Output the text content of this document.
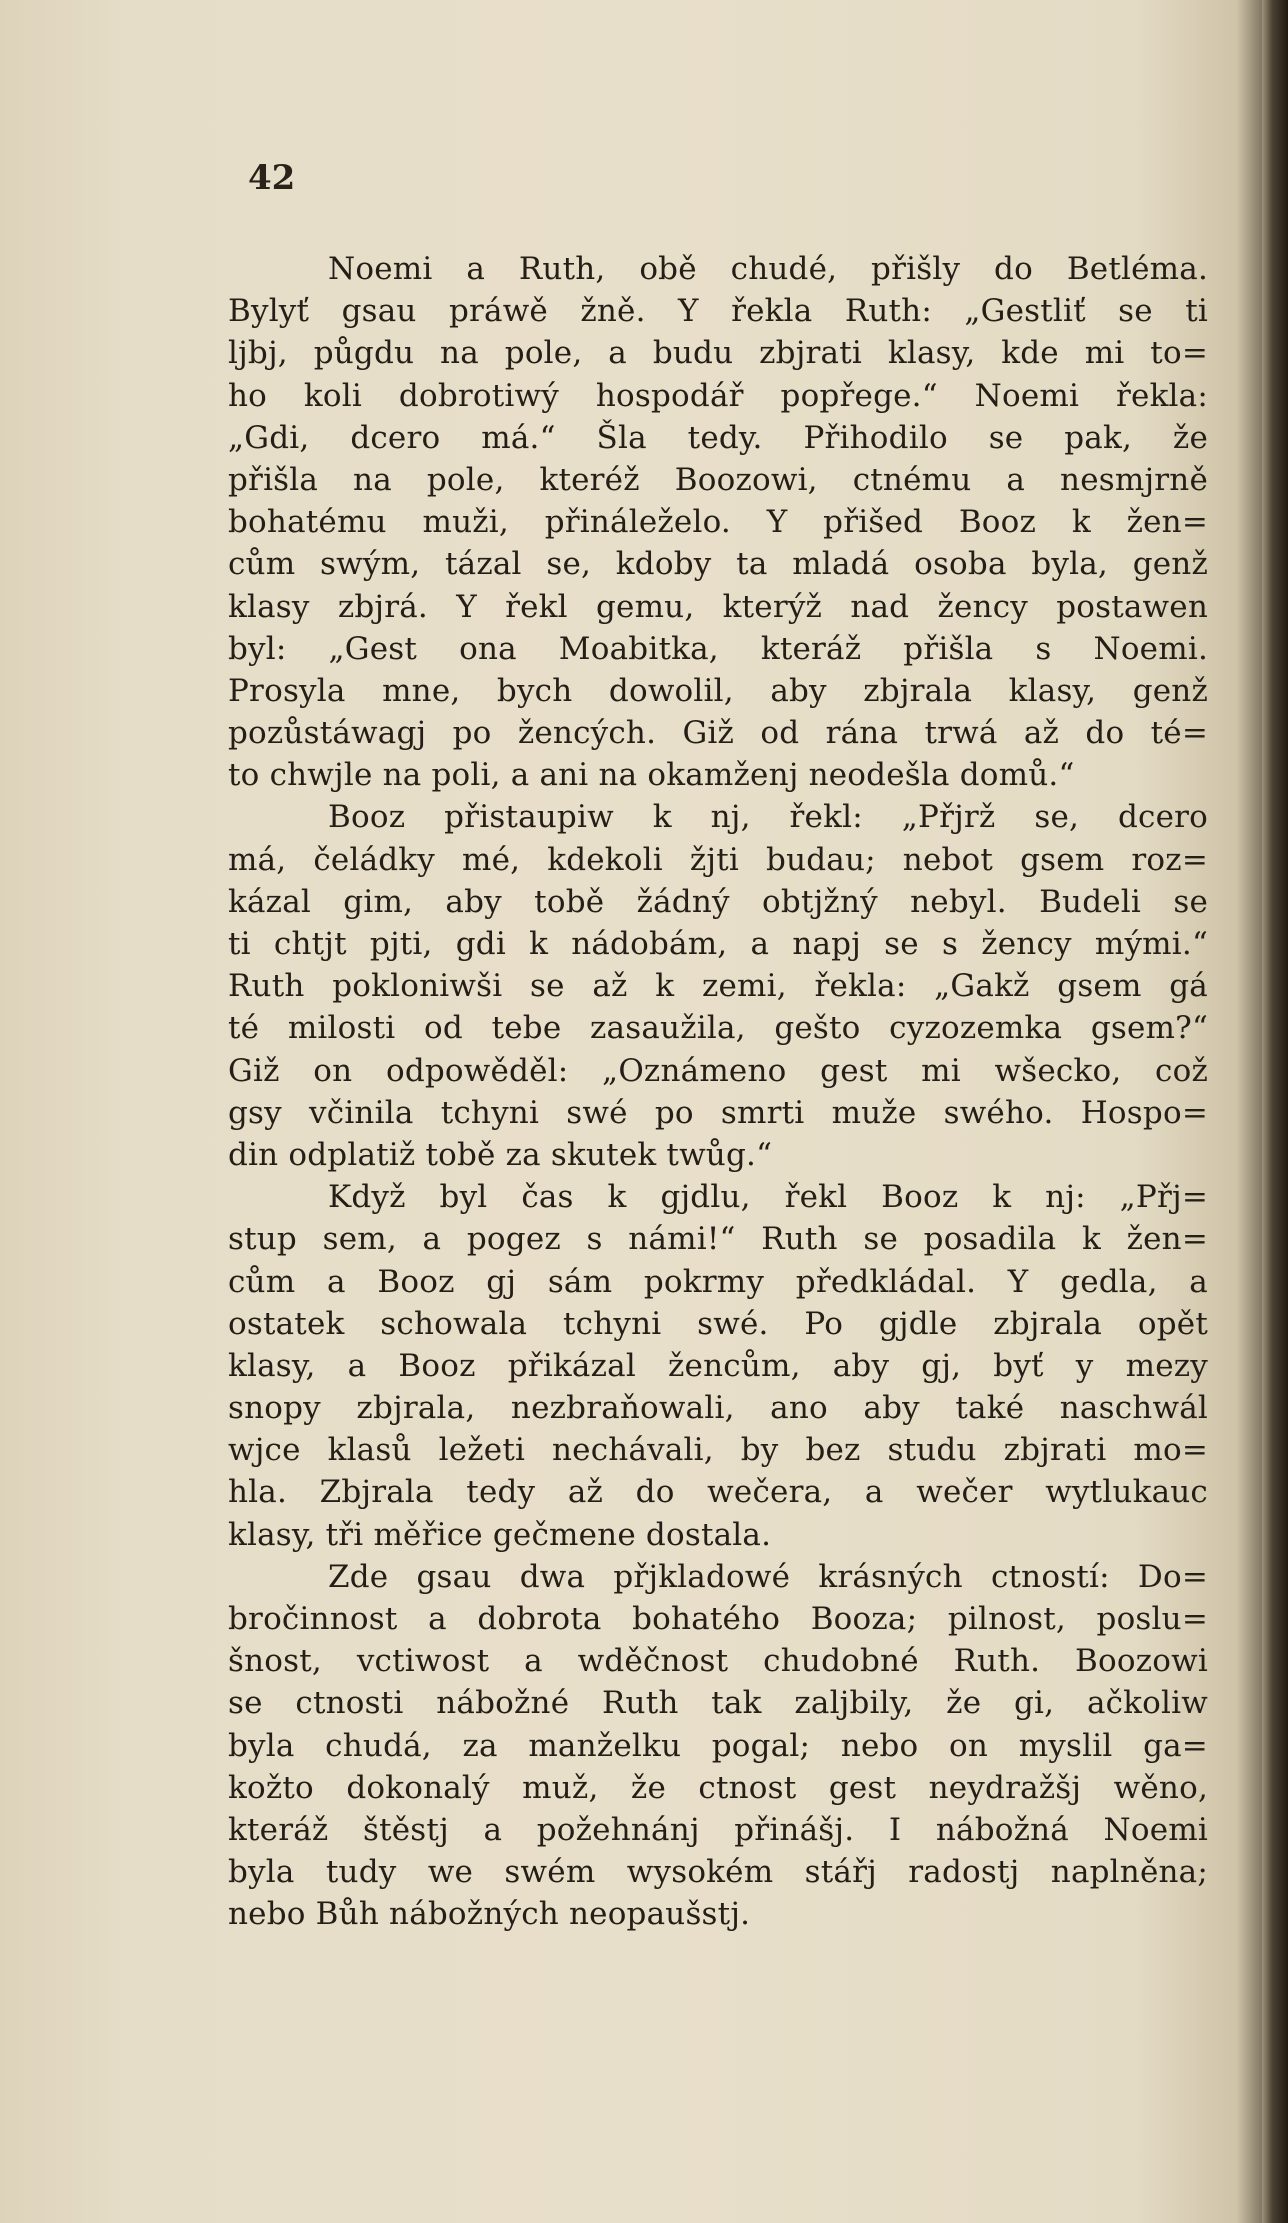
42
Noemi a Ruth, obě chudé, přišly do Betléma.
Bylyť gsau práwě žně. Y řekla Ruth: „Gestliť se ti
ljbj, půgdu na pole, a budu zbjrati klasy, kde mi to=
ho koli dobrotiwý hospodář popřege.“ Noemi řekla:
„Gdi, dcero má.“ Šla tedy. Přihodilo se pak, že
přišla na pole, kteréž Boozowi, ctnému a nesmjrně
bohatému muži, přináleželo. Y přišed Booz k žen=
cům swým, tázal se, kdoby ta mladá osoba byla, genž
klasy zbjrá. Y řekl gemu, kterýž nad žency postawen
byl: „Gest ona Moabitka, kteráž přišla s Noemi.
Prosyla mne, bych dowolil, aby zbjrala klasy, genž
pozůstáwagj po žencých. Giž od rána trwá až do té=
to chwjle na poli, a ani na okamženj neodešla domů.“
Booz přistaupiw k nj, řekl: „Přjrž se, dcero
má, čeládky mé, kdekoli žjti budau; nebot gsem roz=
kázal gim, aby tobě žádný obtjžný nebyl. Budeli se
ti chtjt pjti, gdi k nádobám, a napj se s žency mými.“
Ruth pokloniwši se až k zemi, řekla: „Gakž gsem gá
té milosti od tebe zasaužila, gešto cyzozemka gsem?“
Giž on odpowěděl: „Oznámeno gest mi wšecko, což
gsy včinila tchyni swé po smrti muže swého. Hospo=
din odplatiž tobě za skutek twůg.“
Když byl čas k gjdlu, řekl Booz k nj: „Přj=
stup sem, a pogez s námi!“ Ruth se posadila k žen=
cům a Booz gj sám pokrmy předkládal. Y gedla, a
ostatek schowala tchyni swé. Po gjdle zbjrala opět
klasy, a Booz přikázal žencům, aby gj, byť y mezy
snopy zbjrala, nezbraňowali, ano aby také naschwál
wjce klasů ležeti nechávali, by bez studu zbjrati mo=
hla. Zbjrala tedy až do wečera, a wečer wytlukauc
klasy, tři měřice gečmene dostala.
Zde gsau dwa přjkladowé krásných ctností: Do=
bročinnost a dobrota bohatého Booza; pilnost, poslu=
šnost, vctiwost a wděčnost chudobné Ruth. Boozowi
se ctnosti nábožné Ruth tak zaljbily, že gi, ačkoliw
byla chudá, za manželku pogal; nebo on myslil ga=
kožto dokonalý muž, že ctnost gest neydražšj wěno,
kteráž štěstj a požehnánj přinášj. I nábožná Noemi
byla tudy we swém wysokém stářj radostj naplněna;
nebo Bůh nábožných neopaušstj.
